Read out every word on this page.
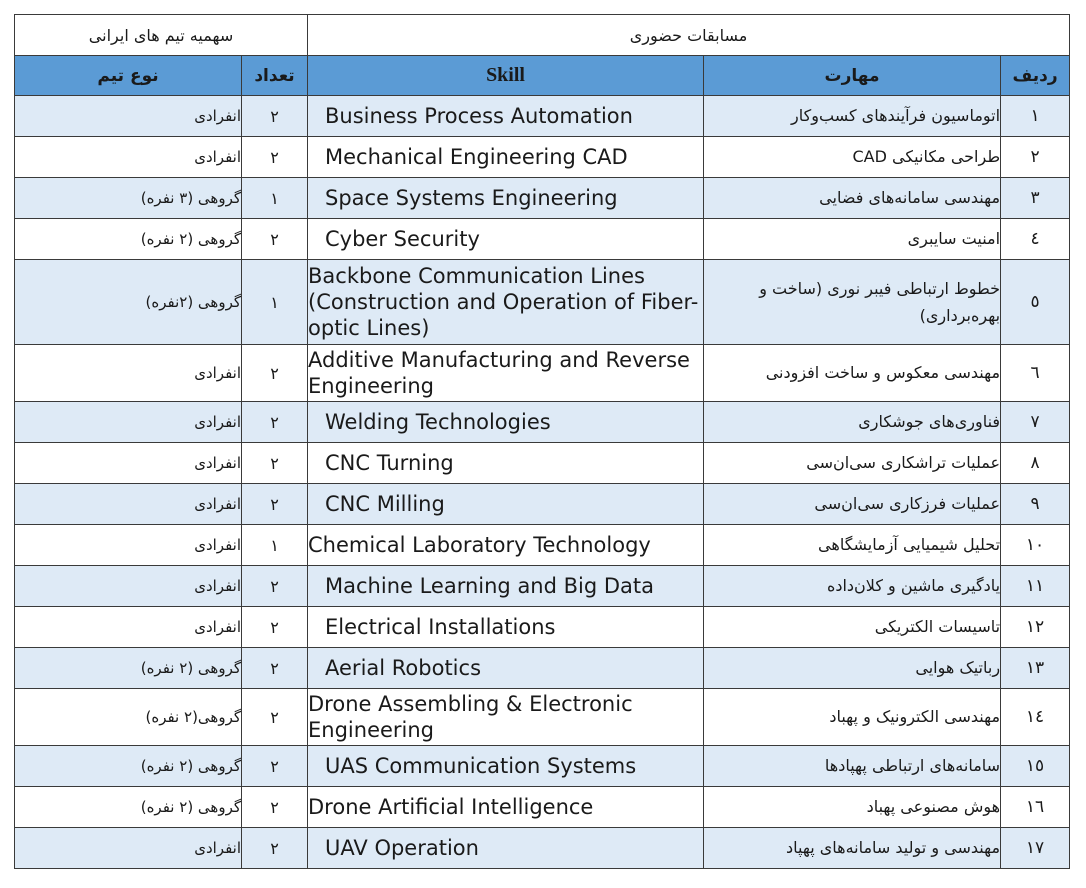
مسابقات حضوری			سهمیه تیم های ایرانی	
ردیف	مهارت	Skill	تعداد	نوع تیم
۱	اتوماسیون فرآیندهای کسب‌وکار	Business Process Automation	۲	انفرادی
۲	طراحی مکانیکی CAD	Mechanical Engineering CAD	۲	انفرادی
۳	مهندسی سامانه‌های فضایی	Space Systems Engineering	۱	گروهی (۳ نفره)
٤	امنیت سایبری	Cyber Security	۲	گروهی (۲ نفره)
٥	خطوط ارتباطی فیبر نوری (ساخت و بهره‌برداری)	Backbone Communication Lines (Construction and Operation of Fiber-optic Lines)	۱	گروهی (۲نفره)
٦	مهندسی معکوس و ساخت افزودنی	Additive Manufacturing and Reverse Engineering	۲	انفرادی
۷	فناوری‌های جوشکاری	Welding Technologies	۲	انفرادی
۸	عملیات تراشکاری سی‌ان‌سی	CNC Turning	۲	انفرادی
۹	عملیات فرزکاری سی‌ان‌سی	CNC Milling	۲	انفرادی
۱۰	تحلیل شیمیایی آزمایشگاهی	Chemical Laboratory Technology	۱	انفرادی
۱۱	یادگیری ماشین و کلان‌داده	Machine Learning and Big Data	۲	انفرادی
۱۲	تاسیسات الکتریکی	Electrical Installations	۲	انفرادی
۱۳	رباتیک هوایی	Aerial Robotics	۲	گروهی (۲ نفره)
۱٤	مهندسی الکترونیک و پهباد	Drone Assembling & Electronic Engineering	۲	گروهی(۲ نفره)
۱٥	سامانه‌های ارتباطی پهپادها	UAS Communication Systems	۲	گروهی (۲ نفره)
۱٦	هوش مصنوعی پهباد	Drone Artificial Intelligence	۲	گروهی (۲ نفره)
۱۷	مهندسی و تولید سامانه‌های پهپاد	UAV Operation	۲	انفرادی
